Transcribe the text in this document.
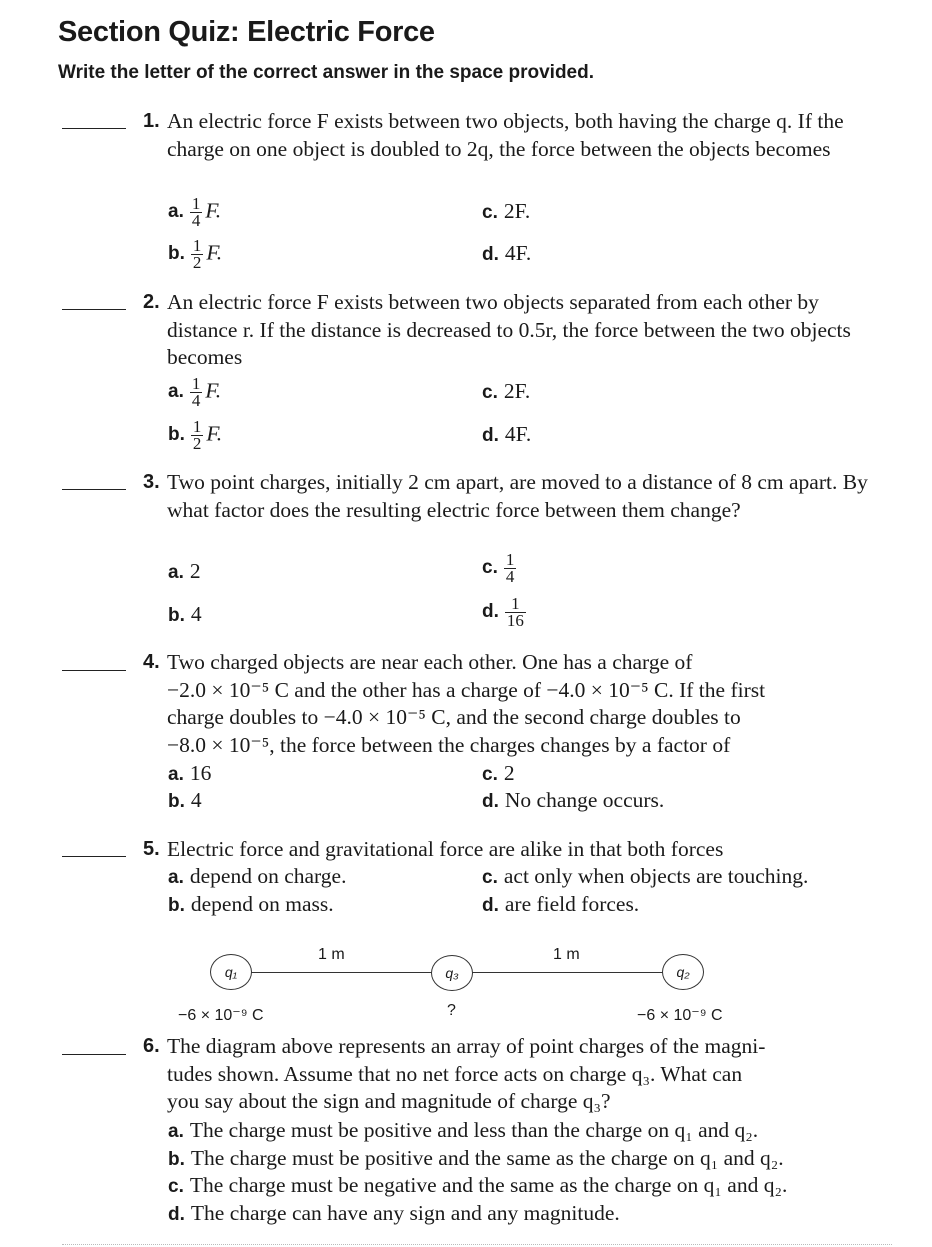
Section Quiz: Electric Force
Write the letter of the correct answer in the space provided.
1. An electric force F exists between two objects, both having the charge q. If the charge on one object is doubled to 2q, the force between the objects becomes
a. $\frac{1}{4} F$.	c. 2F.
b. $\frac{1}{2} F$.	d. 4F.
2. An electric force F exists between two objects separated from each other by distance r. If the distance is decreased to 0.5r, the force between the two objects becomes
a. $\frac{1}{4} F$.	c. 2F.
b. $\frac{1}{2} F$.	d. 4F.
3. Two point charges, initially 2 cm apart, are moved to a distance of 8 cm apart. By what factor does the resulting electric force between them change?
a. 2	c. $\frac{1}{4}$
b. 4	d. $\frac{1}{16}$
4. Two charged objects are near each other. One has a charge of
−2.0 × 10⁻⁵ C and the other has a charge of −4.0 × 10⁻⁵ C. If the first
charge doubles to −4.0 × 10⁻⁵ C, and the second charge doubles to
−8.0 × 10⁻⁵, the force between the charges changes by a factor of
a. 16	c. 2
b. 4	d. No change occurs.
5. Electric force and gravitational force are alike in that both forces
a. depend on charge.	c. act only when objects are touching.
b. depend on mass.	d. are field forces.
q₁	q₃	q₂
1 m	1 m
−6 × 10⁻⁹ C	?	−6 × 10⁻⁹ C
6. The diagram above represents an array of point charges of the magni-
tudes shown. Assume that no net force acts on charge q₃. What can
you say about the sign and magnitude of charge q₃?
a. The charge must be positive and less than the charge on q₁ and q₂.
b. The charge must be positive and the same as the charge on q₁ and q₂.
c. The charge must be negative and the same as the charge on q₁ and q₂.
d. The charge can have any sign and any magnitude.
